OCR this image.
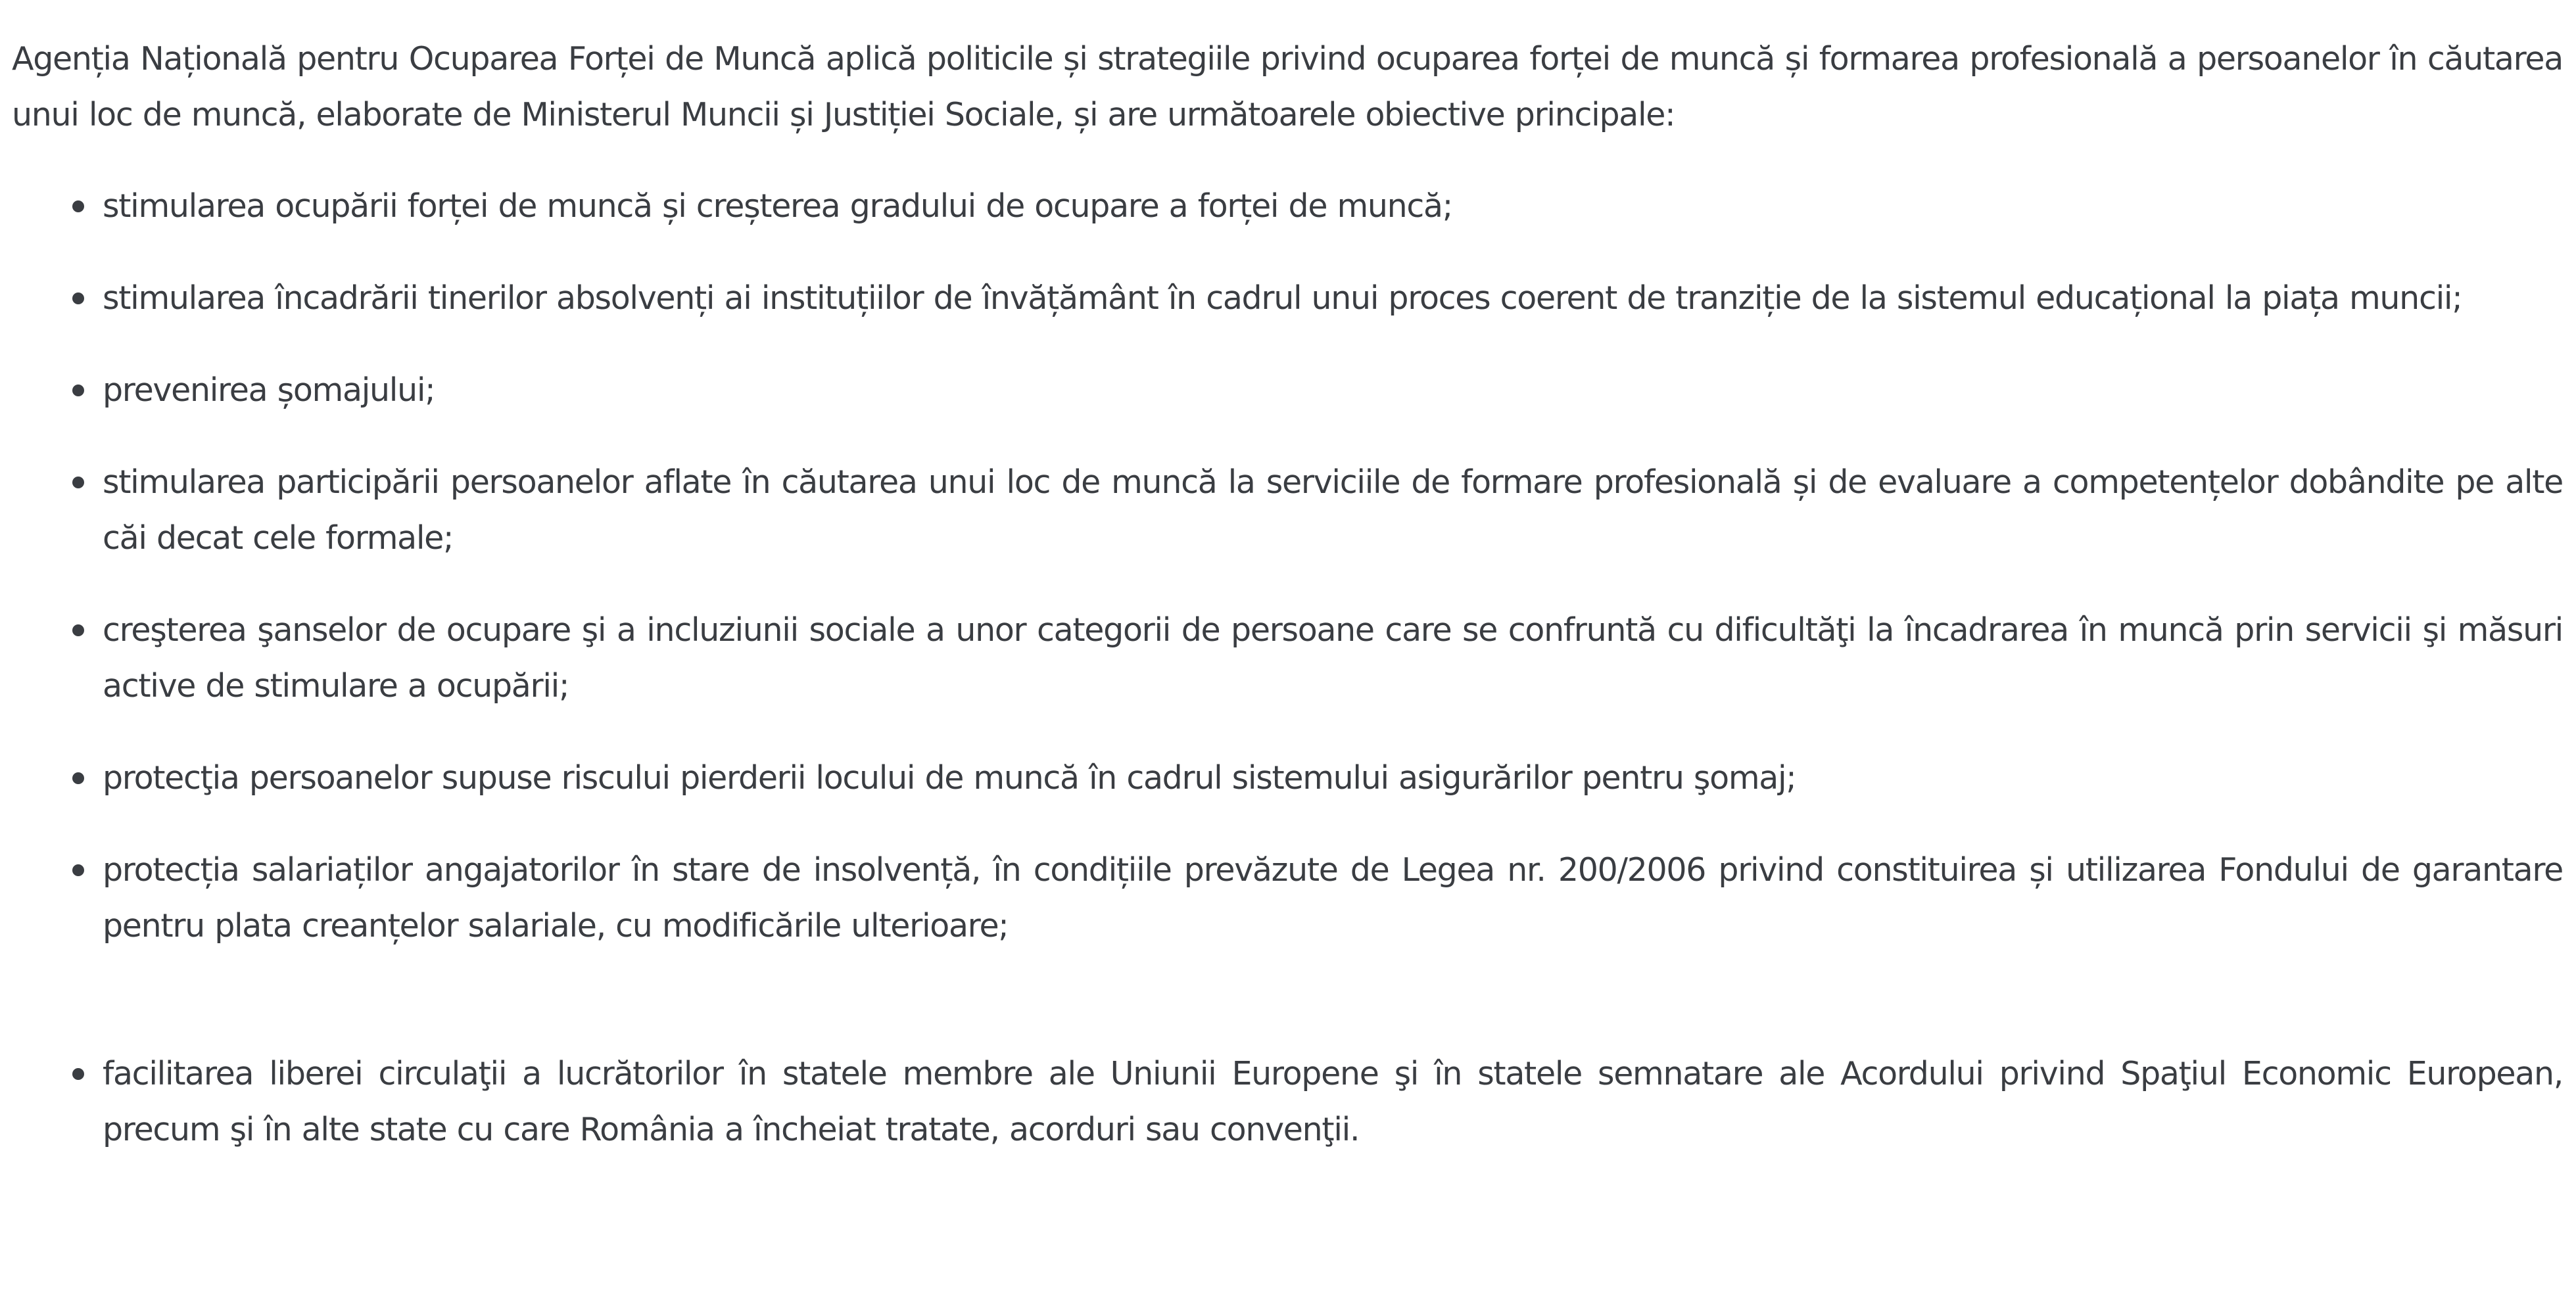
Agenția Națională pentru Ocuparea Forței de Muncă aplică politicile și strategiile privind ocuparea forței de muncă și formarea profesională a persoanelor în căutarea unui loc de muncă, elaborate de Ministerul Muncii și Justiției Sociale, și are următoarele obiective principale:

stimularea ocupării forței de muncă și creșterea gradului de ocupare a forței de muncă;
stimularea încadrării tinerilor absolvenți ai instituțiilor de învățământ în cadrul unui proces coerent de tranziție de la sistemul educațional la piața muncii;
prevenirea șomajului;
stimularea participării persoanelor aflate în căutarea unui loc de muncă la serviciile de formare profesională și de evaluare a competențelor dobândite pe alte căi decat cele formale;
creşterea şanselor de ocupare şi a incluziunii sociale a unor categorii de persoane care se confruntă cu dificultăţi la încadrarea în muncă prin servicii şi măsuri active de stimulare a ocupării;
protecţia persoanelor supuse riscului pierderii locului de muncă în cadrul sistemului asigurărilor pentru şomaj;
protecția salariaților angajatorilor în stare de insolvență, în condițiile prevăzute de Legea nr. 200/2006 privind constituirea și utilizarea Fondului de garantare pentru plata creanțelor salariale, cu modificările ulterioare;
facilitarea liberei circulaţii a lucrătorilor în statele membre ale Uniunii Europene şi în statele semnatare ale Acordului privind Spaţiul Economic European, precum şi în alte state cu care România a încheiat tratate, acorduri sau convenţii.
